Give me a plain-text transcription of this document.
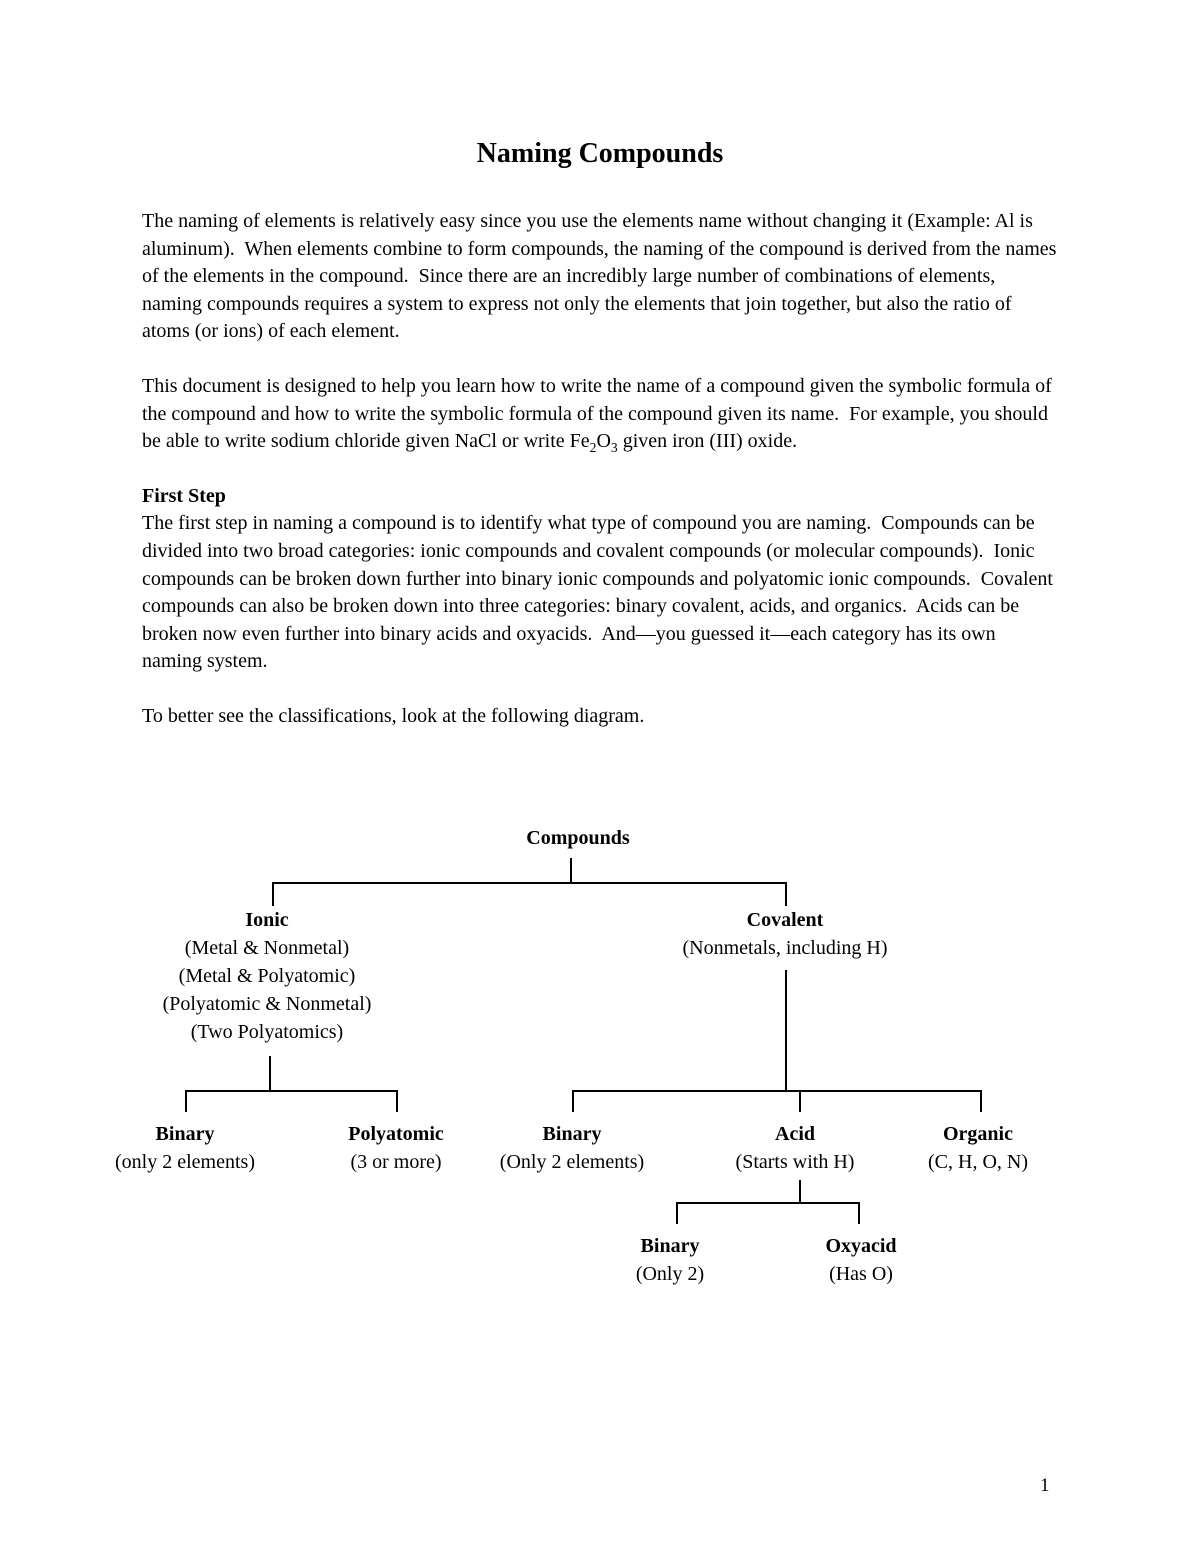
Naming Compounds

The naming of elements is relatively easy since you use the elements name without changing it (Example: Al is aluminum).  When elements combine to form compounds, the naming of the compound is derived from the names of the elements in the compound.  Since there are an incredibly large number of combinations of elements, naming compounds requires a system to express not only the elements that join together, but also the ratio of atoms (or ions) of each element.

This document is designed to help you learn how to write the name of a compound given the symbolic formula of the compound and how to write the symbolic formula of the compound given its name.  For example, you should be able to write sodium chloride given NaCl or write $Fe_2O_3$ given iron (III) oxide.

First Step

The first step in naming a compound is to identify what type of compound you are naming.  Compounds can be divided into two broad categories: ionic compounds and covalent compounds (or molecular compounds).  Ionic compounds can be broken down further into binary ionic compounds and polyatomic ionic compounds.  Covalent compounds can also be broken down into three categories: binary covalent, acids, and organics.  Acids can be broken now even further into binary acids and oxyacids.  And—you guessed it—each category has its own naming system.

To better see the classifications, look at the following diagram.

Compounds
Ionic
(Metal & Nonmetal)
(Metal & Polyatomic)
(Polyatomic & Nonmetal)
(Two Polyatomics)
Covalent
(Nonmetals, including H)
Binary
(only 2 elements)
Polyatomic
(3 or more)
Binary
(Only 2 elements)
Acid
(Starts with H)
Organic
(C, H, O, N)
Binary
(Only 2)
Oxyacid
(Has O)
1
